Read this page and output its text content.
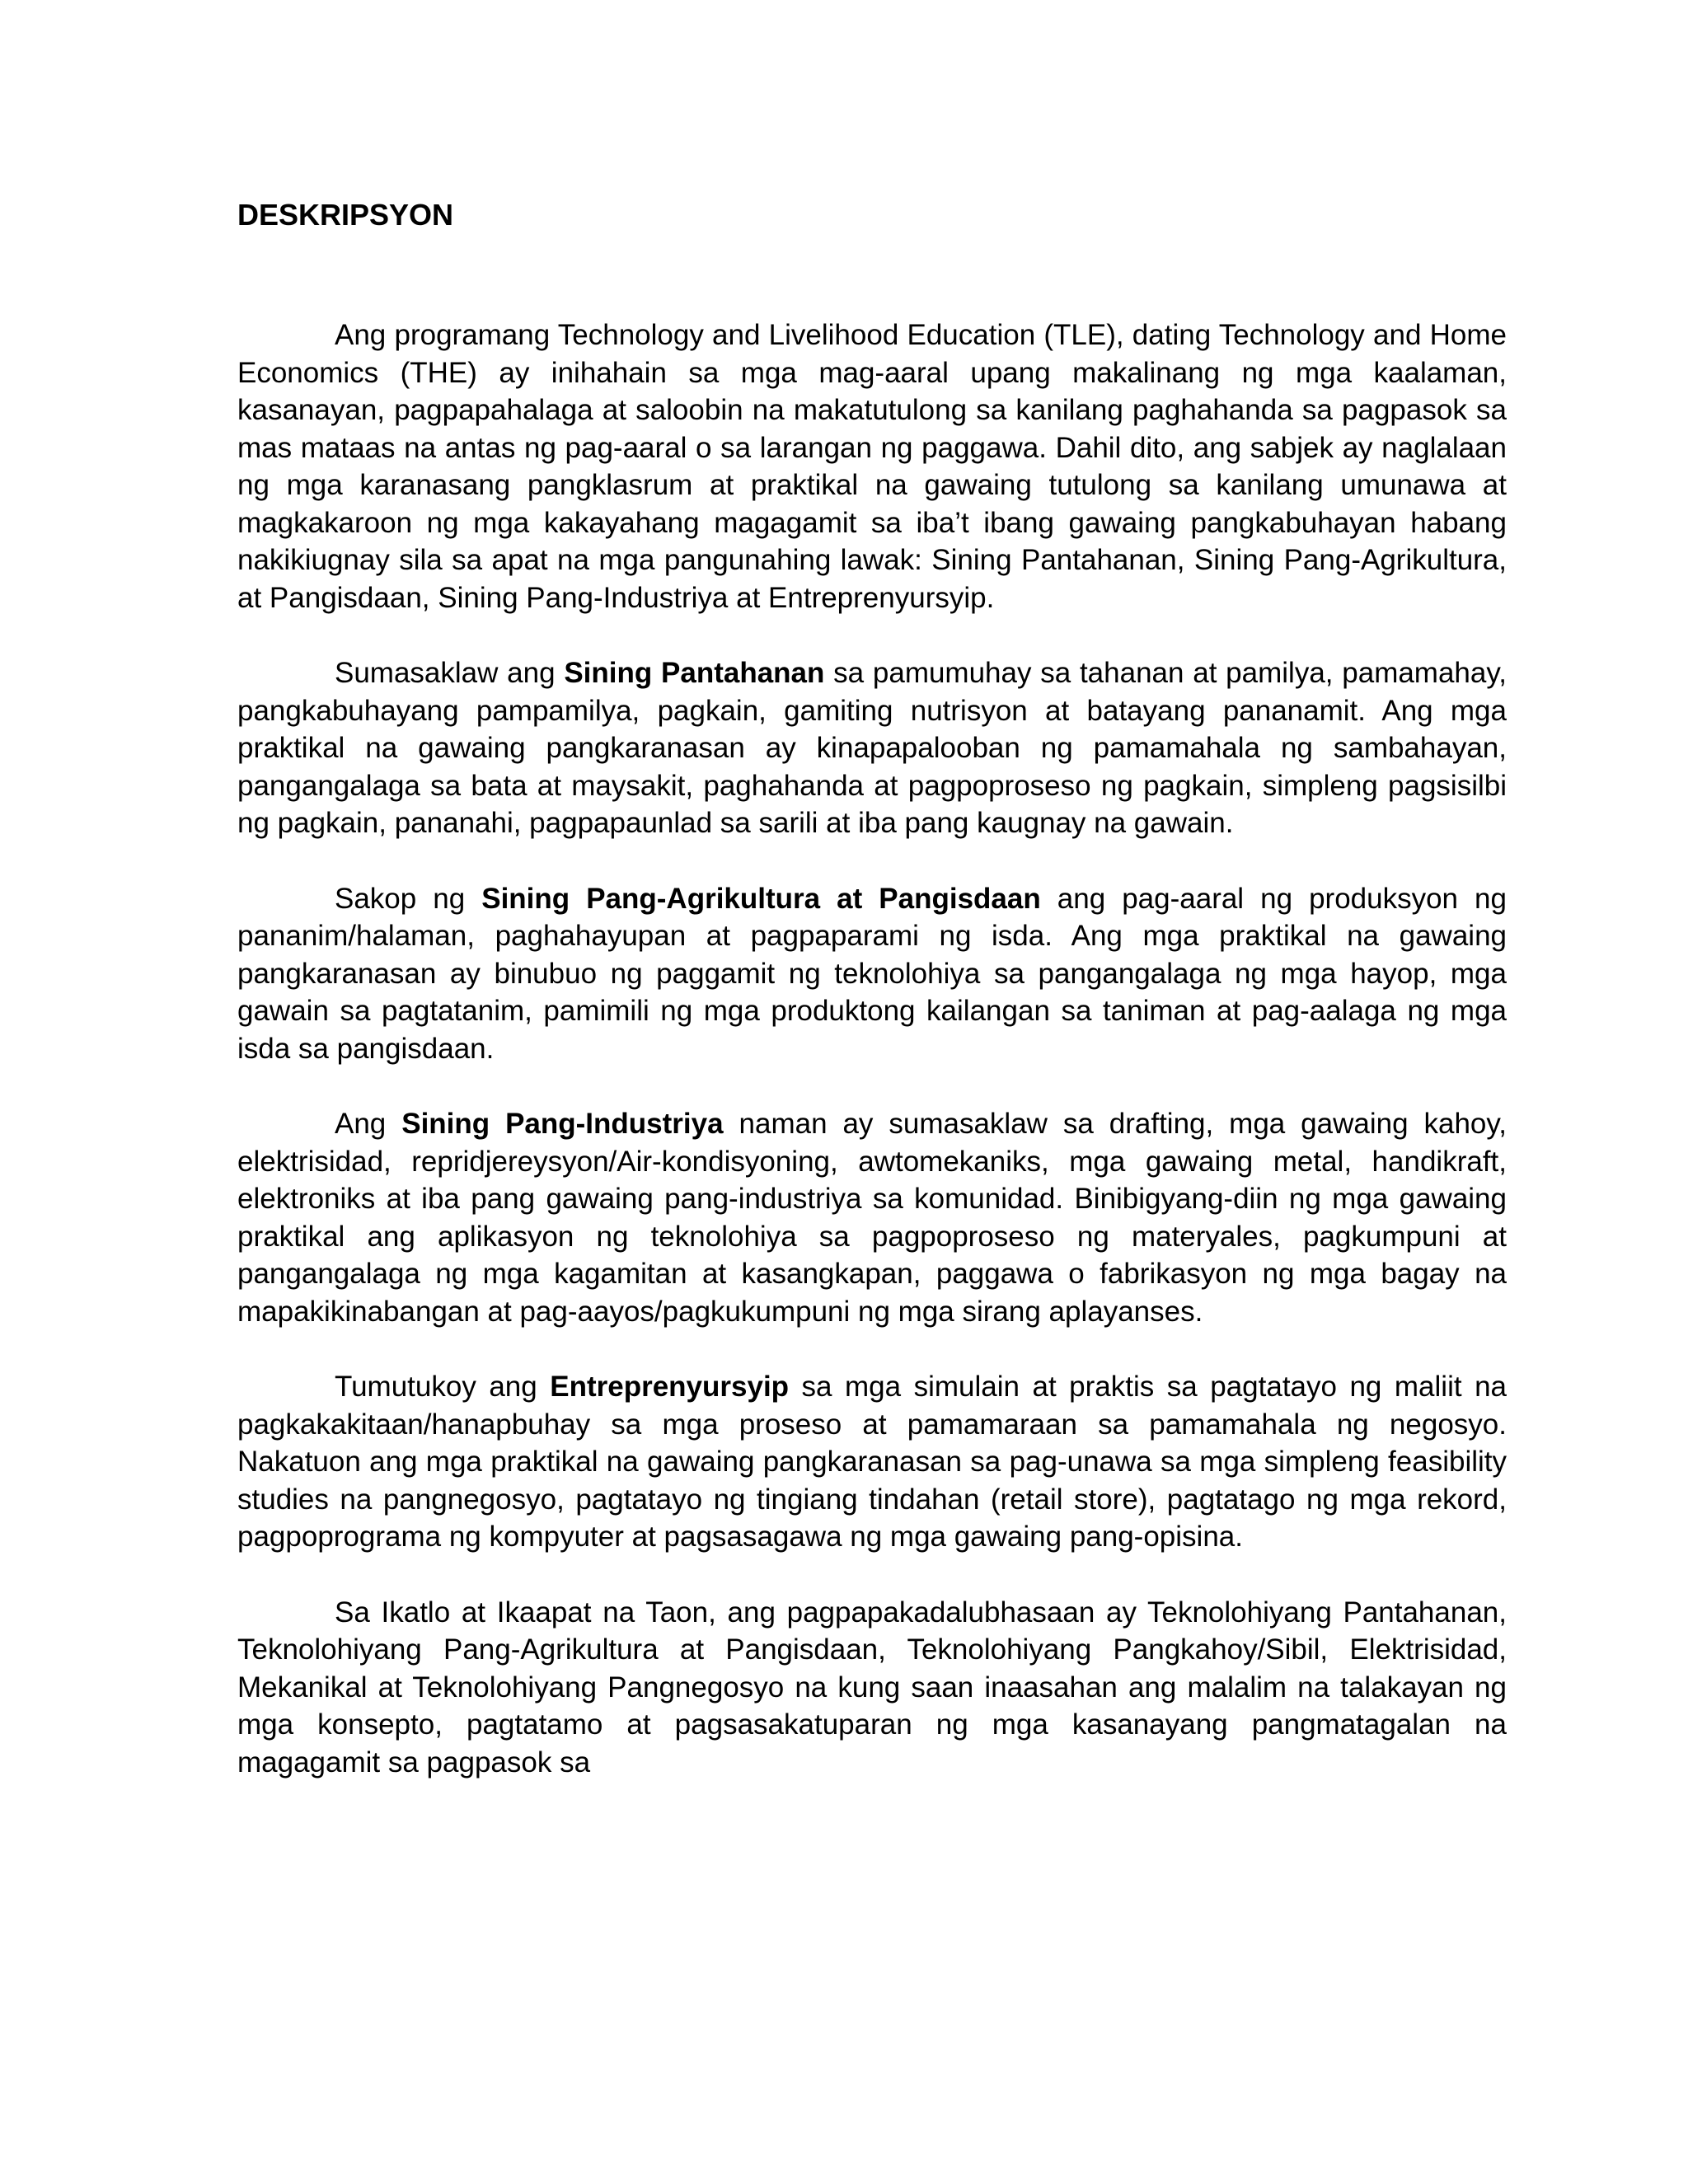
DESKRIPSYON

Ang programang Technology and Livelihood Education (TLE), dating Technology and Home Economics (THE) ay inihahain sa mga mag-aaral upang makalinang ng mga kaalaman, kasanayan, pagpapahalaga at saloobin na makatutulong sa kanilang paghahanda sa pagpasok sa mas mataas na antas ng pag-aaral o sa larangan ng paggawa. Dahil dito, ang sabjek ay naglalaan ng mga karanasang pangklasrum at praktikal na gawaing tutulong sa kanilang umunawa at magkakaroon ng mga kakayahang magagamit sa iba’t ibang gawaing pangkabuhayan habang nakikiugnay sila sa apat na mga pangunahing lawak: Sining Pantahanan, Sining Pang-Agrikultura, at Pangisdaan, Sining Pang-Industriya at Entreprenyursyip.

Sumasaklaw ang Sining Pantahanan sa pamumuhay sa tahanan at pamilya, pamamahay, pangkabuhayang pampamilya, pagkain, gamiting nutrisyon at batayang pananamit. Ang mga praktikal na gawaing pangkaranasan ay kinapapalooban ng pamamahala ng sambahayan, pangangalaga sa bata at maysakit, paghahanda at pagpoproseso ng pagkain, simpleng pagsisilbi ng pagkain, pananahi, pagpapaunlad sa sarili at iba pang kaugnay na gawain.

Sakop ng Sining Pang-Agrikultura at Pangisdaan ang pag-aaral ng produksyon ng pananim/halaman, paghahayupan at pagpaparami ng isda. Ang mga praktikal na gawaing pangkaranasan ay binubuo ng paggamit ng teknolohiya sa pangangalaga ng mga hayop, mga gawain sa pagtatanim, pamimili ng mga produktong kailangan sa taniman at pag-aalaga ng mga isda sa pangisdaan.

Ang Sining Pang-Industriya naman ay sumasaklaw sa drafting, mga gawaing kahoy, elektrisidad, repridjereysyon/Air-kondisyoning, awtomekaniks, mga gawaing metal, handikraft, elektroniks at iba pang gawaing pang-industriya sa komunidad. Binibigyang-diin ng mga gawaing praktikal ang aplikasyon ng teknolohiya sa pagpoproseso ng materyales, pagkumpuni at pangangalaga ng mga kagamitan at kasangkapan, paggawa o fabrikasyon ng mga bagay na mapakikinabangan at pag-aayos/pagkukumpuni ng mga sirang aplayanses.

Tumutukoy ang Entreprenyursyip sa mga simulain at praktis sa pagtatayo ng maliit na pagkakakitaan/hanapbuhay sa mga proseso at pamamaraan sa pamamahala ng negosyo. Nakatuon ang mga praktikal na gawaing pangkaranasan sa pag-unawa sa mga simpleng feasibility studies na pangnegosyo, pagtatayo ng tingiang tindahan (retail store), pagtatago ng mga rekord, pagpoprograma ng kompyuter at pagsasagawa ng mga gawaing pang-opisina.

Sa Ikatlo at Ikaapat na Taon, ang pagpapakadalubhasaan ay Teknolohiyang Pantahanan, Teknolohiyang Pang-Agrikultura at Pangisdaan, Teknolohiyang Pangkahoy/Sibil, Elektrisidad, Mekanikal at Teknolohiyang Pangnegosyo na kung saan inaasahan ang malalim na talakayan ng mga konsepto, pagtatamo at pagsasakatuparan ng mga kasanayang pangmatagalan na magagamit sa pagpasok sa
